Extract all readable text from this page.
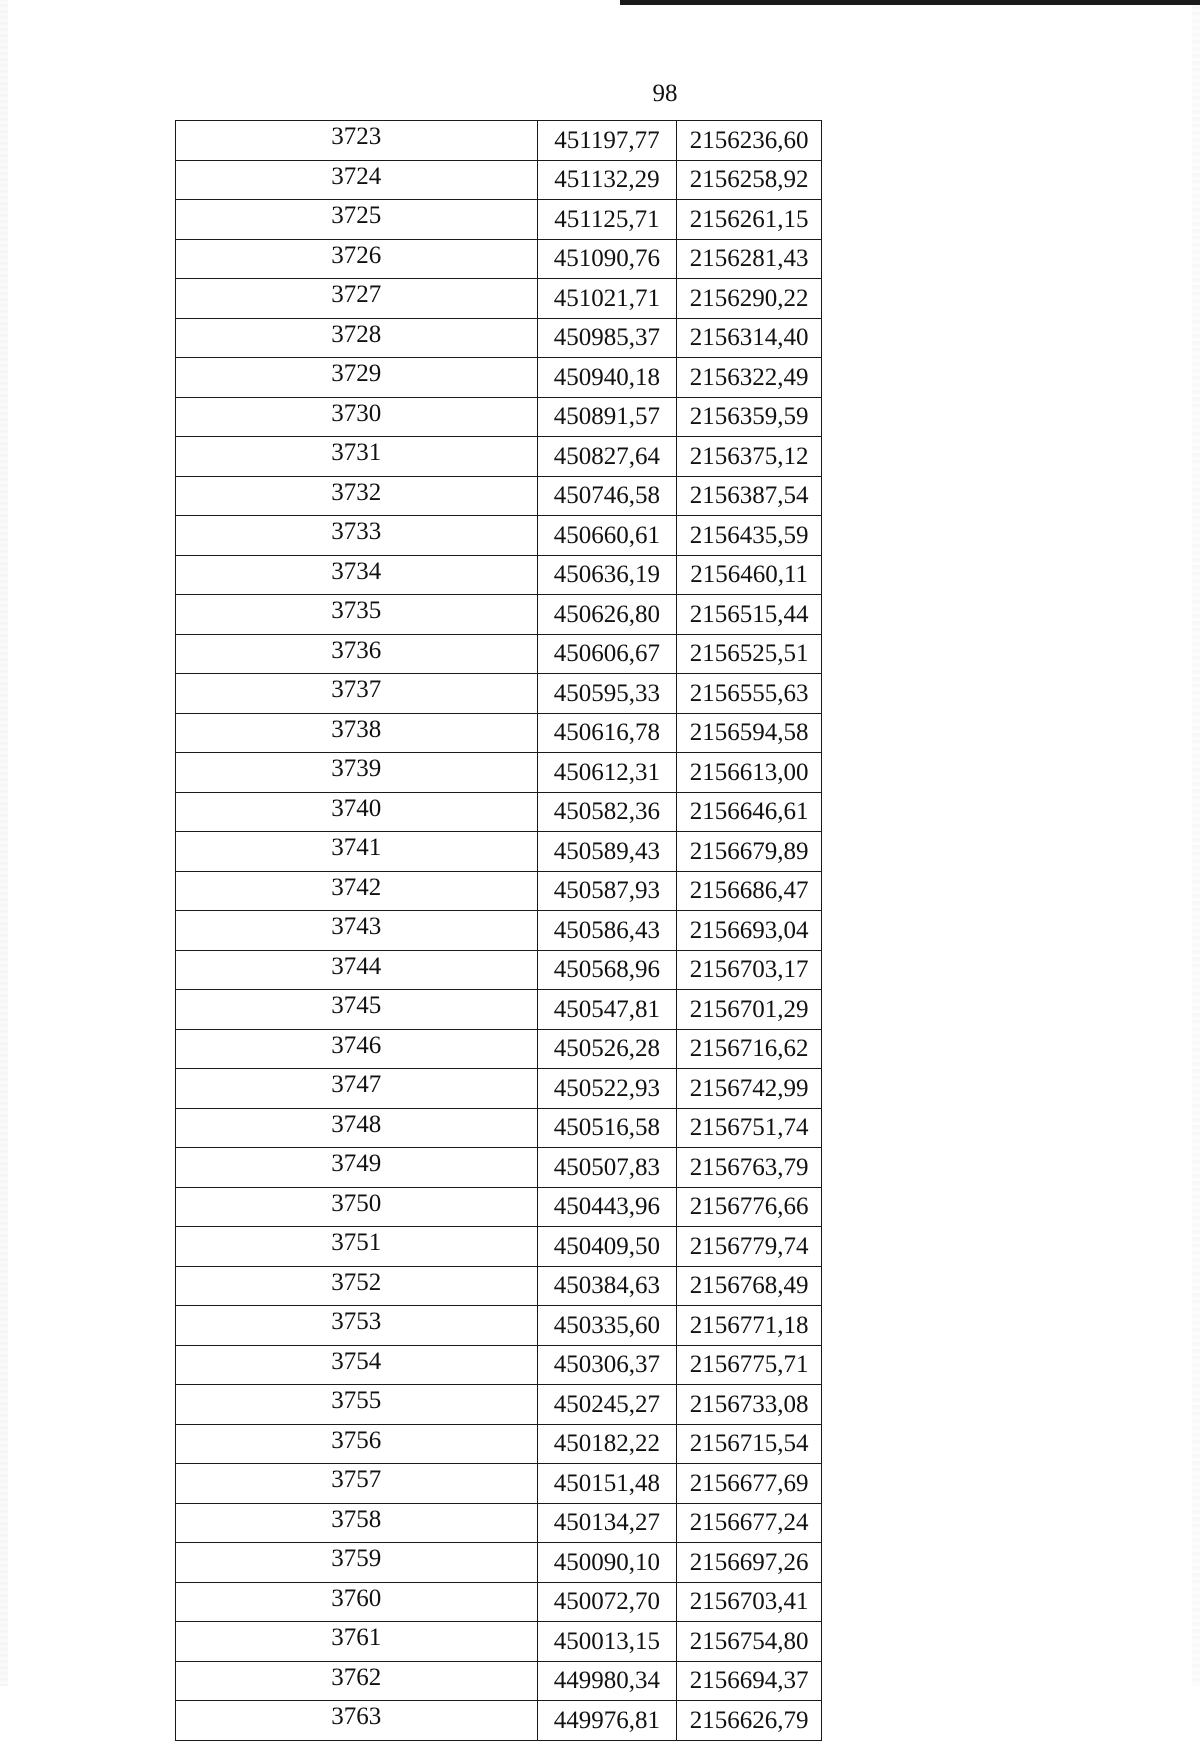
98
3723	451197,77	2156236,60
3724	451132,29	2156258,92
3725	451125,71	2156261,15
3726	451090,76	2156281,43
3727	451021,71	2156290,22
3728	450985,37	2156314,40
3729	450940,18	2156322,49
3730	450891,57	2156359,59
3731	450827,64	2156375,12
3732	450746,58	2156387,54
3733	450660,61	2156435,59
3734	450636,19	2156460,11
3735	450626,80	2156515,44
3736	450606,67	2156525,51
3737	450595,33	2156555,63
3738	450616,78	2156594,58
3739	450612,31	2156613,00
3740	450582,36	2156646,61
3741	450589,43	2156679,89
3742	450587,93	2156686,47
3743	450586,43	2156693,04
3744	450568,96	2156703,17
3745	450547,81	2156701,29
3746	450526,28	2156716,62
3747	450522,93	2156742,99
3748	450516,58	2156751,74
3749	450507,83	2156763,79
3750	450443,96	2156776,66
3751	450409,50	2156779,74
3752	450384,63	2156768,49
3753	450335,60	2156771,18
3754	450306,37	2156775,71
3755	450245,27	2156733,08
3756	450182,22	2156715,54
3757	450151,48	2156677,69
3758	450134,27	2156677,24
3759	450090,10	2156697,26
3760	450072,70	2156703,41
3761	450013,15	2156754,80
3762	449980,34	2156694,37
3763	449976,81	2156626,79
